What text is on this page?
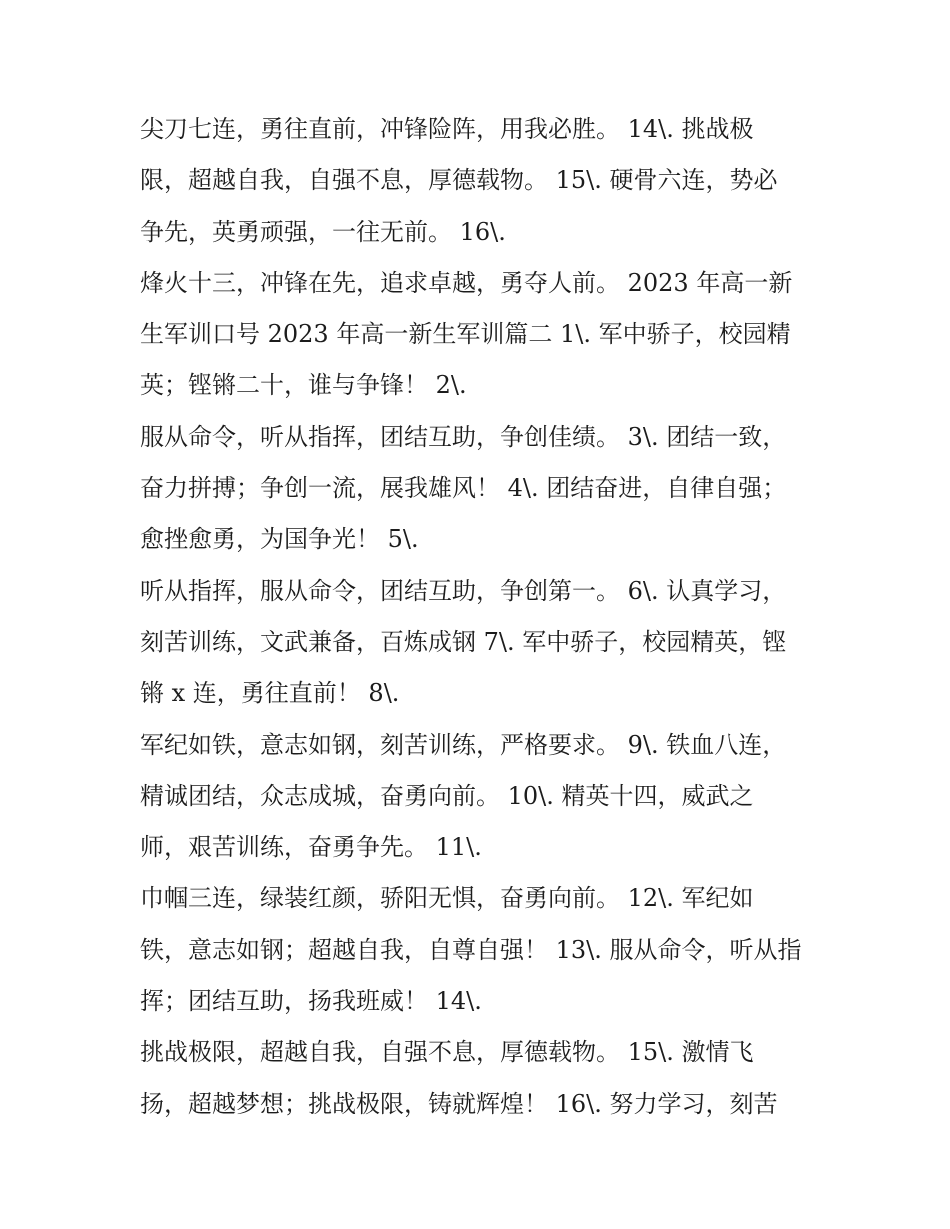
尖刀七连，勇往直前，冲锋险阵，用我必胜。 14\. 挑战极
限，超越自我，自强不息，厚德载物。 15\. 硬骨六连，势必
争先，英勇顽强，一往无前。 16\.
烽火十三，冲锋在先，追求卓越，勇夺人前。 2023 年高一新
生军训口号 2023 年高一新生军训篇二 1\. 军中骄子，校园精
英；铿锵二十，谁与争锋！ 2\.
服从命令，听从指挥，团结互助，争创佳绩。 3\. 团结一致，
奋力拼搏；争创一流，展我雄风！ 4\. 团结奋进，自律自强；
愈挫愈勇，为国争光！ 5\.
听从指挥，服从命令，团结互助，争创第一。 6\. 认真学习，
刻苦训练，文武兼备，百炼成钢 7\. 军中骄子，校园精英，铿
锵 x 连，勇往直前！ 8\.
军纪如铁，意志如钢，刻苦训练，严格要求。 9\. 铁血八连，
精诚团结，众志成城，奋勇向前。 10\. 精英十四，威武之
师，艰苦训练，奋勇争先。 11\.
巾帼三连，绿装红颜，骄阳无惧，奋勇向前。 12\. 军纪如
铁，意志如钢；超越自我，自尊自强！ 13\. 服从命令，听从指
挥；团结互助，扬我班威！ 14\.
挑战极限，超越自我，自强不息，厚德载物。 15\. 激情飞
扬，超越梦想；挑战极限，铸就辉煌！ 16\. 努力学习，刻苦
